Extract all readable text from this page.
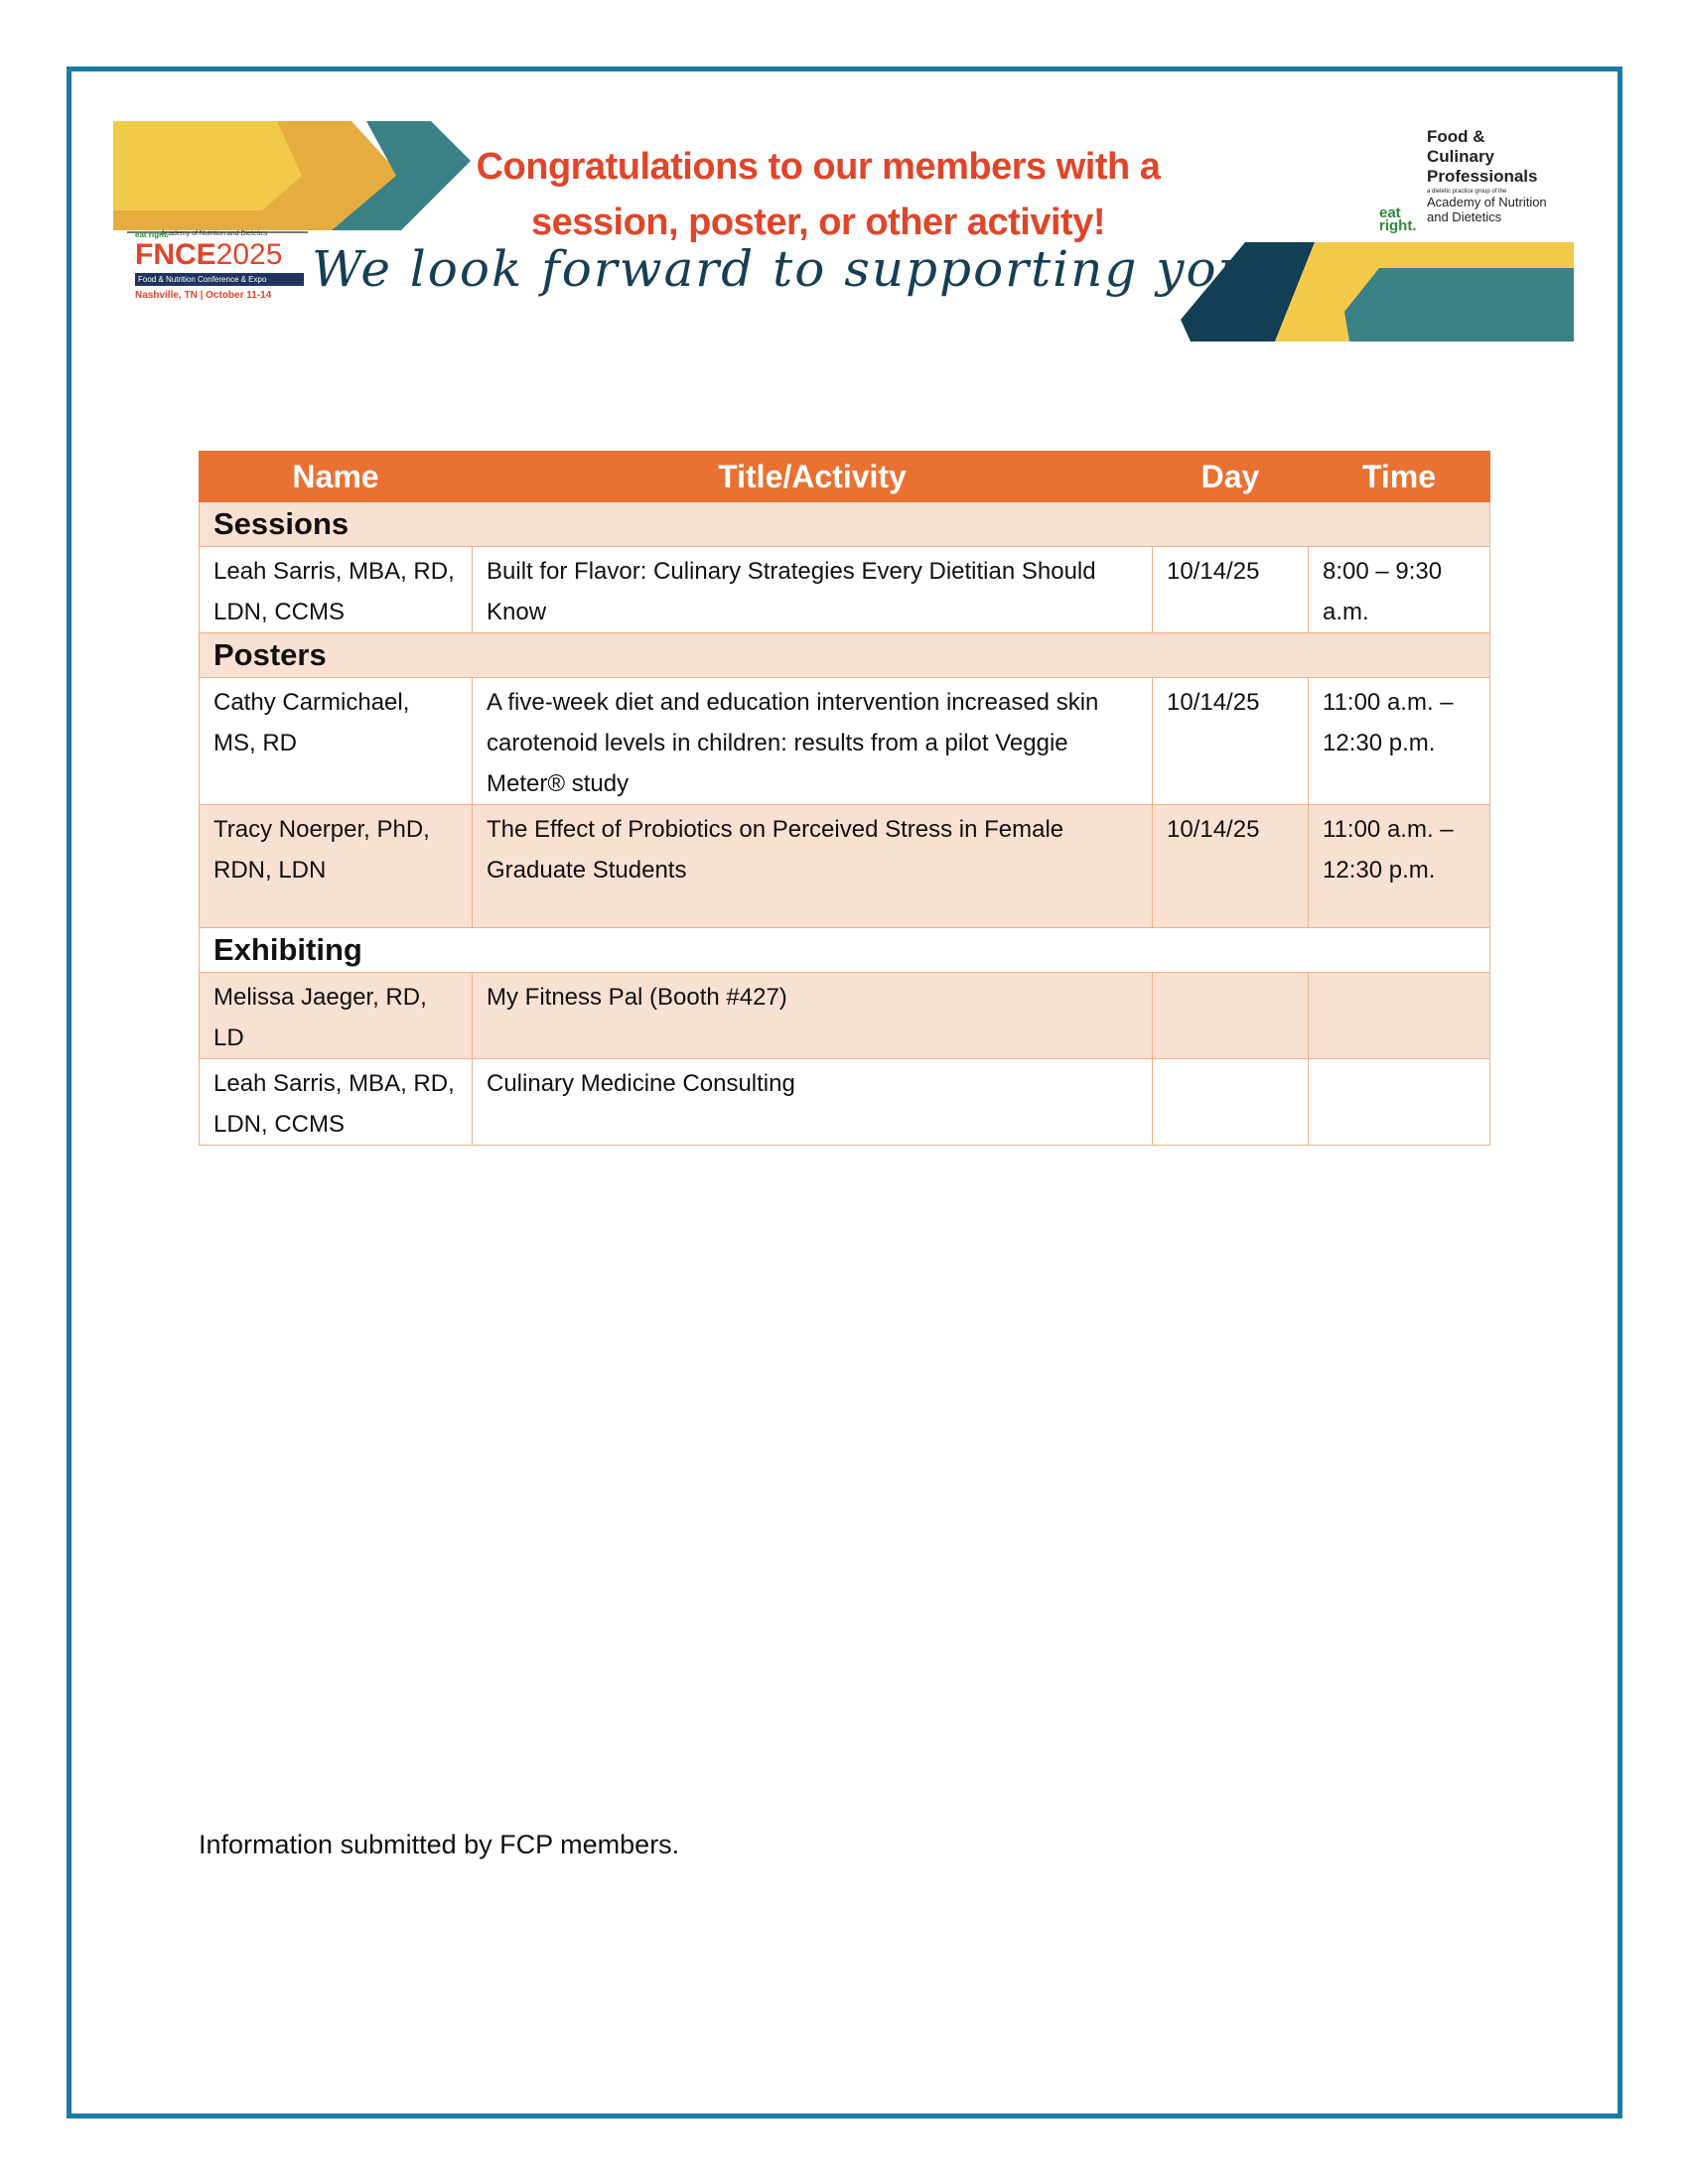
Congratulations to our members with a
session, poster, or other activity!
We look forward to supporting you!
eat right.
Academy of Nutrition and Dietetics
FNCE2025
Food & Nutrition Conference & Expo
Nashville, TN | October 11-14
Food &
Culinary
Professionals
a dietetic practice group of the
eat right.
Academy of Nutrition
and Dietetics
Name	Title/Activity	Day	Time
Sessions			
Leah Sarris, MBA, RD, LDN, CCMS	Built for Flavor: Culinary Strategies Every Dietitian Should Know	10/14/25	8:00 – 9:30 a.m.
Posters			
Cathy Carmichael, MS, RD	A five-week diet and education intervention increased skin carotenoid levels in children: results from a pilot Veggie Meter® study	10/14/25	11:00 a.m. – 12:30 p.m.
Tracy Noerper, PhD, RDN, LDN	The Effect of Probiotics on Perceived Stress in Female Graduate Students	10/14/25	11:00 a.m. – 12:30 p.m.
Exhibiting			
Melissa Jaeger, RD, LD	My Fitness Pal (Booth #427)		
Leah Sarris, MBA, RD, LDN, CCMS	Culinary Medicine Consulting		
Information submitted by FCP members.
